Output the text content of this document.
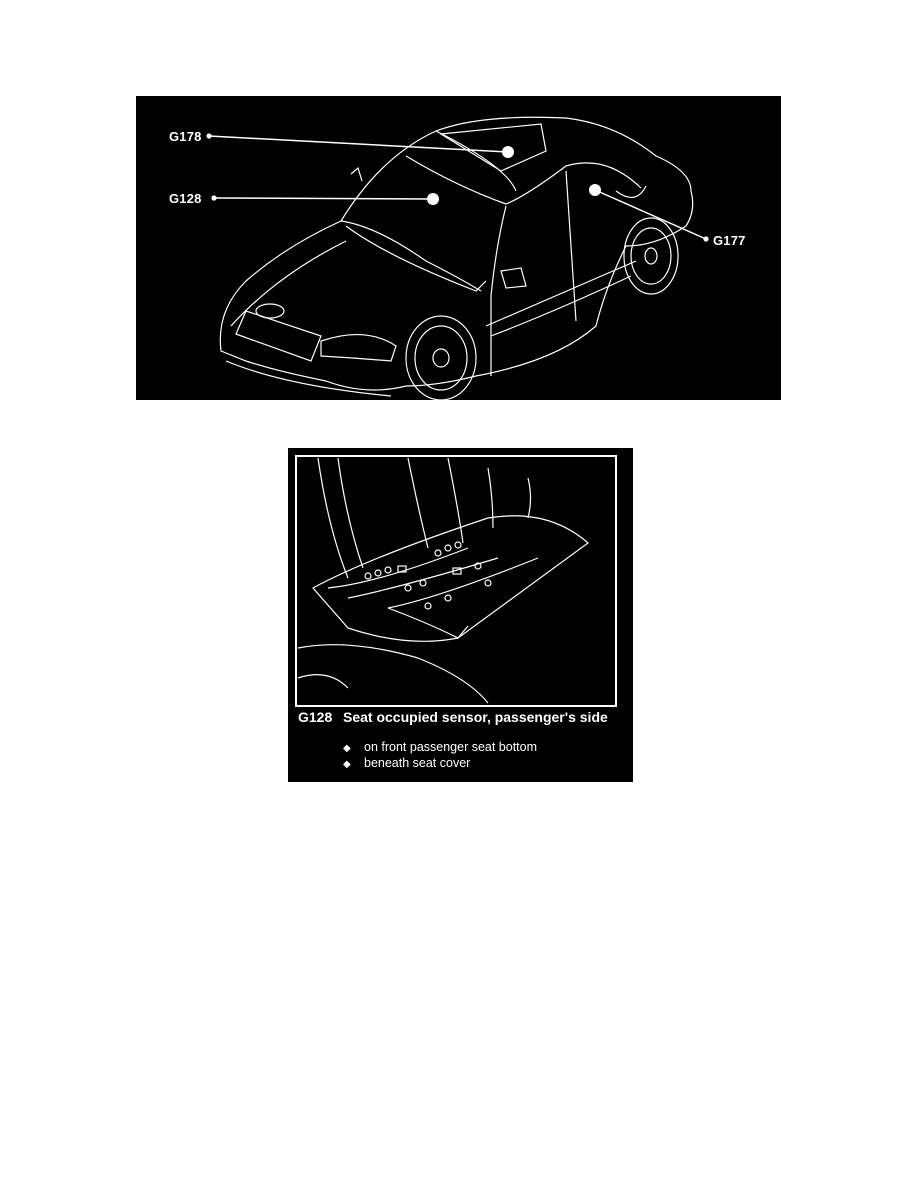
G178
G128
G177
G128 Seat occupied sensor, passenger's side
◆ on front passenger seat bottom
◆ beneath seat cover
